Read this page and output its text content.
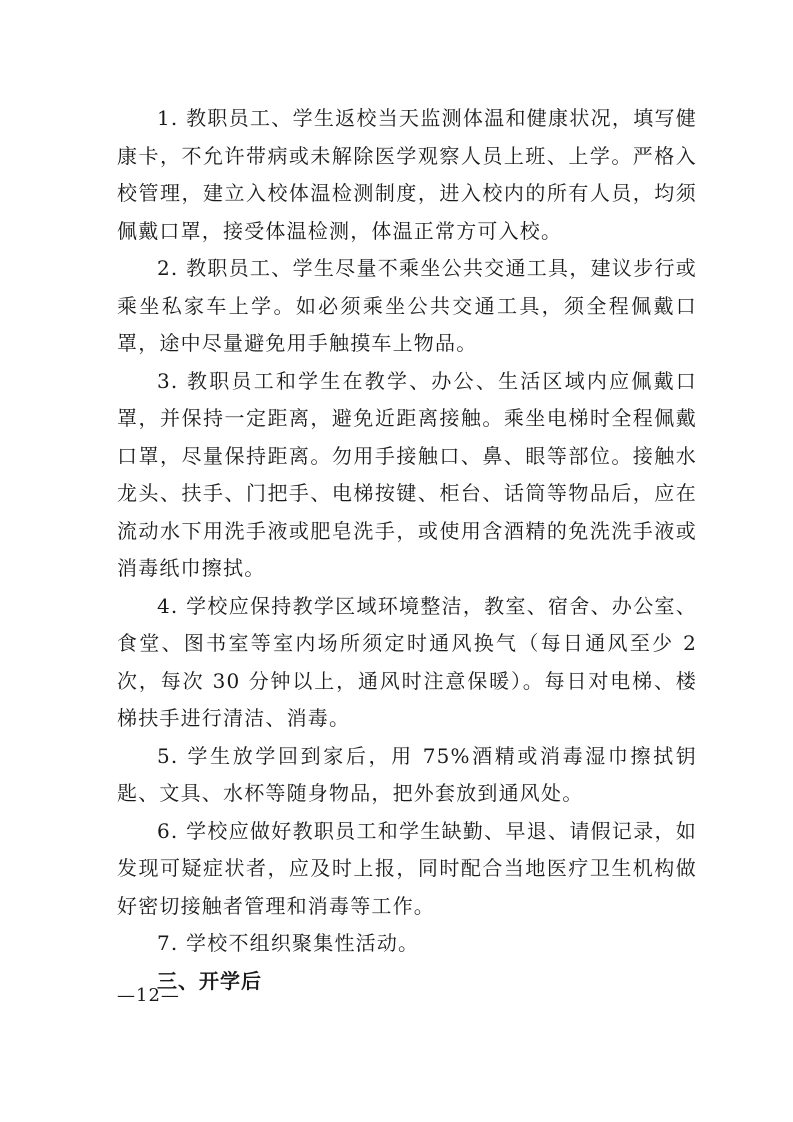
1. 教职员工、学生返校当天监测体温和健康状况，填写健康卡，不允许带病或未解除医学观察人员上班、上学。严格入校管理，建立入校体温检测制度，进入校内的所有人员，均须佩戴口罩，接受体温检测，体温正常方可入校。

2. 教职员工、学生尽量不乘坐公共交通工具，建议步行或乘坐私家车上学。如必须乘坐公共交通工具，须全程佩戴口罩，途中尽量避免用手触摸车上物品。

3. 教职员工和学生在教学、办公、生活区域内应佩戴口罩，并保持一定距离，避免近距离接触。乘坐电梯时全程佩戴口罩，尽量保持距离。勿用手接触口、鼻、眼等部位。接触水龙头、扶手、门把手、电梯按键、柜台、话筒等物品后，应在流动水下用洗手液或肥皂洗手，或使用含酒精的免洗洗手液或消毒纸巾擦拭。

4. 学校应保持教学区域环境整洁，教室、宿舍、办公室、食堂、图书室等室内场所须定时通风换气（每日通风至少 2 次，每次 30 分钟以上，通风时注意保暖）。每日对电梯、楼梯扶手进行清洁、消毒。

5. 学生放学回到家后，用 75%酒精或消毒湿巾擦拭钥匙、文具、水杯等随身物品，把外套放到通风处。

6. 学校应做好教职员工和学生缺勤、早退、请假记录，如发现可疑症状者，应及时上报，同时配合当地医疗卫生机构做好密切接触者管理和消毒等工作。

7. 学校不组织聚集性活动。

三、开学后

—12—
